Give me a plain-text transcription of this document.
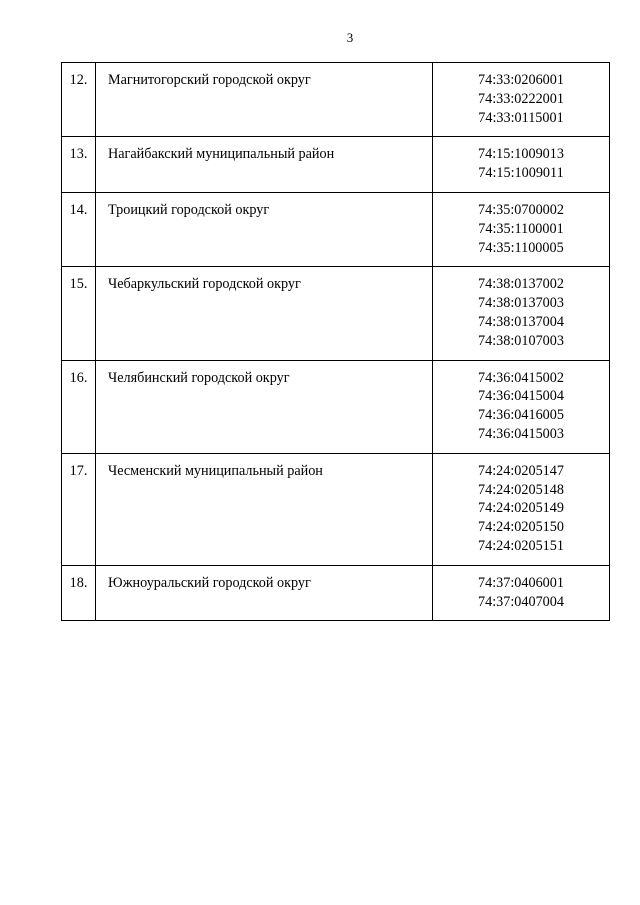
3
12.	Магнитогорский городской округ	74:33:0206001
74:33:0222001
74:33:0115001

13.	Нагайбакский муниципальный район	74:15:1009013
74:15:1009011

14.	Троицкий городской округ	74:35:0700002
74:35:1100001
74:35:1100005

15.	Чебаркульский городской округ	74:38:0137002
74:38:0137003
74:38:0137004
74:38:0107003

16.	Челябинский городской округ	74:36:0415002
74:36:0415004
74:36:0416005
74:36:0415003

17.	Чесменский муниципальный район	74:24:0205147
74:24:0205148
74:24:0205149
74:24:0205150
74:24:0205151

18.	Южноуральский городской округ	74:37:0406001
74:37:0407004
